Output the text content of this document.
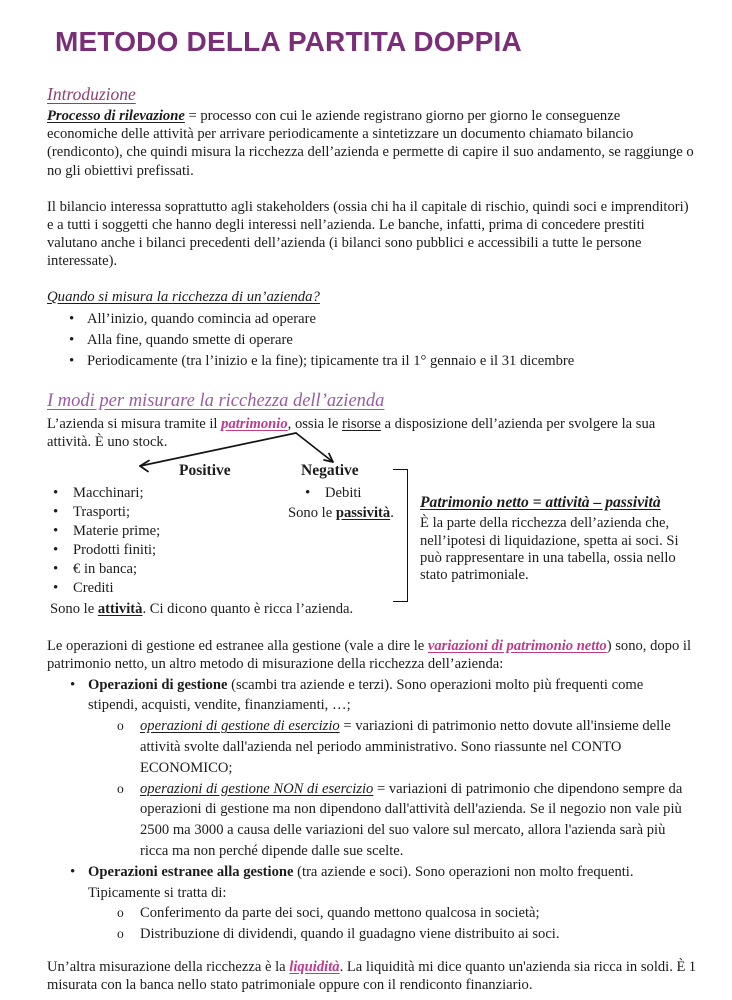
METODO DELLA PARTITA DOPPIA
Introduzione

Processo di rilevazione = processo con cui le aziende registrano giorno per giorno le conseguenze economiche delle attività per arrivare periodicamente a sintetizzare un documento chiamato bilancio (rendiconto), che quindi misura la ricchezza dell’azienda e permette di capire il suo andamento, se raggiunge o no gli obiettivi prefissati.

Il bilancio interessa soprattutto agli stakeholders (ossia chi ha il capitale di rischio, quindi soci e imprenditori) e a tutti i soggetti che hanno degli interessi nell’azienda. Le banche, infatti, prima di concedere prestiti valutano anche i bilanci precedenti dell’azienda (i bilanci sono pubblici e accessibili a tutte le persone interessate).

Quando si misura la ricchezza di un’azienda?
• All’inizio, quando comincia ad operare
• Alla fine, quando smette di operare
• Periodicamente (tra l’inizio e la fine); tipicamente tra il 1° gennaio e il 31 dicembre
I modi per misurare la ricchezza dell’azienda

L’azienda si misura tramite il patrimonio, ossia le risorse a disposizione dell’azienda per svolgere la sua attività. È uno stock.

Positive	Negative
• Macchinari;
• Trasporti;
• Materie prime;
• Prodotti finiti;
• € in banca;
• Crediti
• Debiti
Sono le passività.
Sono le attività. Ci dicono quanto è ricca l’azienda.
Patrimonio netto = attività – passività
È la parte della ricchezza dell’azienda che, nell’ipotesi di liquidazione, spetta ai soci. Si può rappresentare in una tabella, ossia nello stato patrimoniale.

Le operazioni di gestione ed estranee alla gestione (vale a dire le variazioni di patrimonio netto) sono, dopo il patrimonio netto, un altro metodo di misurazione della ricchezza dell’azienda:

• Operazioni di gestione (scambi tra aziende e terzi). Sono operazioni molto più frequenti come stipendi, acquisti, vendite, finanziamenti, …;
o operazioni di gestione di esercizio = variazioni di patrimonio netto dovute all'insieme delle attività svolte dall'azienda nel periodo amministrativo. Sono riassunte nel CONTO ECONOMICO;
o operazioni di gestione NON di esercizio = variazioni di patrimonio che dipendono sempre da operazioni di gestione ma non dipendono dall'attività dell'azienda. Se il negozio non vale più 2500 ma 3000 a causa delle variazioni del suo valore sul mercato, allora l'azienda sarà più ricca ma non perché dipende dalle sue scelte.
• Operazioni estranee alla gestione (tra aziende e soci). Sono operazioni non molto frequenti. Tipicamente si tratta di:
o Conferimento da parte dei soci, quando mettono qualcosa in società;
o Distribuzione di dividendi, quando il guadagno viene distribuito ai soci.

Un’altra misurazione della ricchezza è la liquidità. La liquidità mi dice quanto un'azienda sia ricca in soldi. È misurata con la banca nello stato patrimoniale oppure con il rendiconto finanziario.

1
